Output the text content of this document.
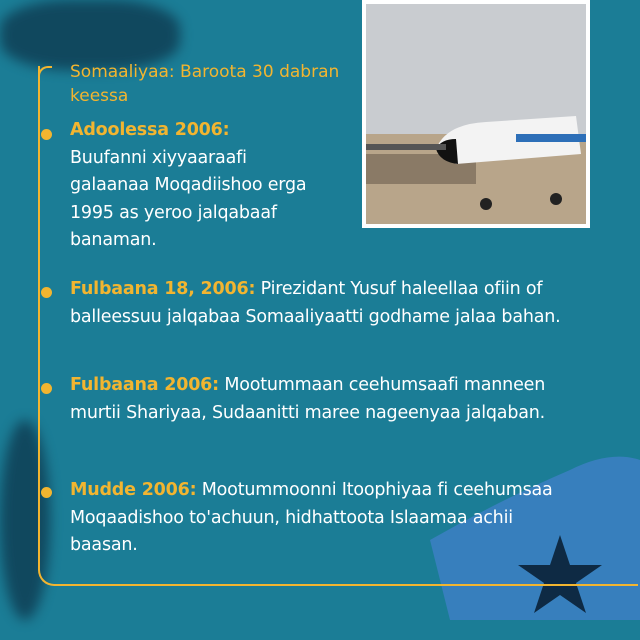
Somaaliyaa: Baroota 30 dabran keessa
Adoolessa 2006:
Buufanni xiyyaaraafi galaanaa Moqadiishoo erga 1995 as yeroo jalqabaaf banaman.
Fulbaana 18, 2006: Pirezidant Yusuf haleellaa ofiin of balleessuu jalqabaa Somaaliyaatti godhame jalaa bahan.
Fulbaana 2006: Mootummaan ceehumsaafi manneen murtii Shariyaa, Sudaanitti maree nageenyaa jalqaban.
Mudde 2006: Mootummoonni Itoophiyaa fi ceehumsaa Moqaadishoo to'achuun, hidhattoota Islaamaa achii baasan.
